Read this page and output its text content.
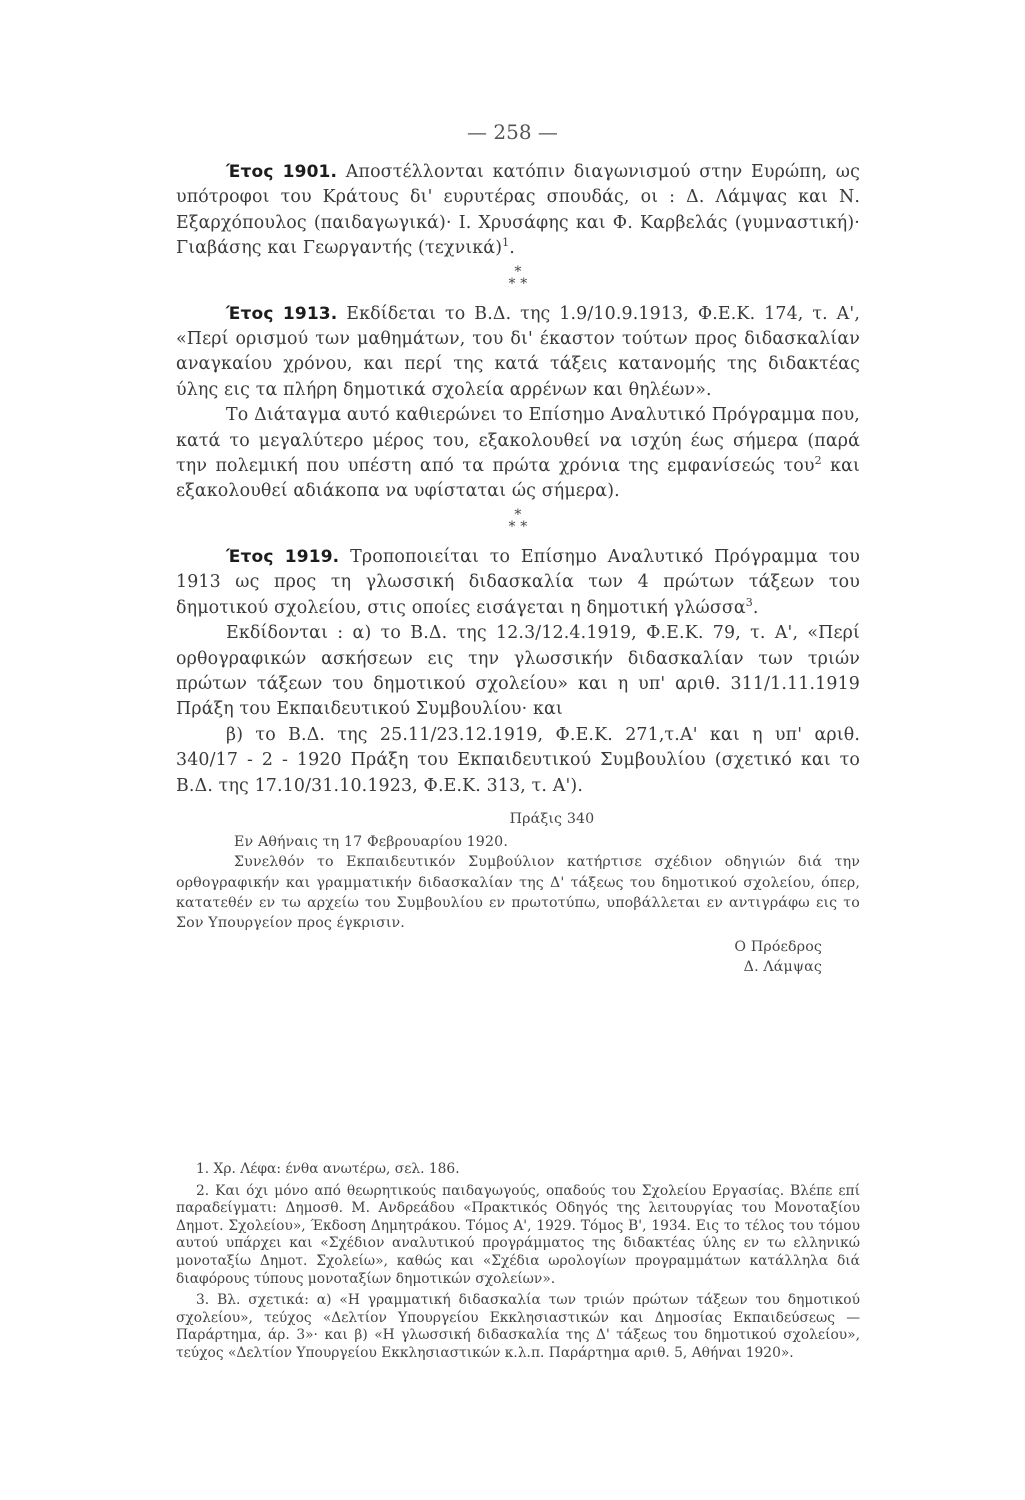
— 258 —

Έτος 1901. Αποστέλλονται κατόπιν διαγωνισμού στην Ευρώπη, ως υπότροφοι του Κράτους δι' ευρυτέρας σπουδάς, οι : Δ. Λάμψας και Ν. Εξαρχόπουλος (παιδαγωγικά)· Ι. Χρυσάφης και Φ. Καρβελάς (γυμναστική)· Γιαβάσης και Γεωργαντής $(\tau\varepsilon\chi\nu\iota\kappa ά)^1$.

*
* *

Έτος 1913. Εκδίδεται το Β.Δ. της 1.9/10.9.1913, Φ.Ε.Κ. 174, τ. Α', «Περί ορισμού των μαθημάτων, του δι' έκαστον τούτων προς διδασκαλίαν αναγκαίου χρόνου, και περί της κατά τάξεις κατανομής της διδακτέας ύλης εις τα πλήρη δημοτικά σχολεία αρρένων και θηλέων».

Το Διάταγμα αυτό καθιερώνει το Επίσημο Αναλυτικό Πρόγραμμα που, κατά το μεγαλύτερο μέρος του, εξακολουθεί να ισχύη έως σήμερα (παρά την πολεμική που υπέστη από τα πρώτα χρόνια της εμφανίσεώς του$^2$ και εξακολουθεί αδιάκοπα να υφίσταται ώς σήμερα).

*
* *

Έτος 1919. Τροποποιείται το Επίσημο Αναλυτικό Πρόγραμμα του 1913 ως προς τη γλωσσική διδασκαλία των 4 πρώτων τάξεων του δημοτικού σχολείου, στις οποίες εισάγεται η δημοτική γλώσσα$^3$.

Εκδίδονται : α) το Β.Δ. της 12.3/12.4.1919, Φ.Ε.Κ. 79, τ. Α', «Περί ορθογραφικών ασκήσεων εις την γλωσσικήν διδασκαλίαν των τριών πρώτων τάξεων του δημοτικού σχολείου» και η υπ' αριθ. 311/1.11.1919 Πράξη του Εκπαιδευτικού Συμβουλίου· και

β) το Β.Δ. της 25.11/23.12.1919, Φ.Ε.Κ. 271,τ.Α' και η υπ' αριθ. 340/17 - 2 - 1920 Πράξη του Εκπαιδευτικού Συμβουλίου (σχετικό και το Β.Δ. της 17.10/31.10.1923, Φ.Ε.Κ. 313, τ. Α').

Πράξις 340

Εν Αθήναις τη 17 Φεβρουαρίου 1920.

Συνελθόν το Εκπαιδευτικόν Συμβούλιον κατήρτισε σχέδιον οδηγιών διά την ορθογραφικήν και γραμματικήν διδασκαλίαν της Δ' τάξεως του δημοτικού σχολείου, όπερ, κατατεθέν εν τω αρχείω του Συμβουλίου εν πρωτοτύπω, υποβάλλεται εν αντιγράφω εις το Σον Υπουργείον προς έγκρισιν.

Ο Πρόεδρος

Δ. Λάμψας

1. Χρ. Λέφα: ένθα ανωτέρω, σελ. 186.

2. Και όχι μόνο από θεωρητικούς παιδαγωγούς, οπαδούς του Σχολείου Εργασίας. Βλέπε επί παραδείγματι: Δημοσθ. Μ. Ανδρεάδου «Πρακτικός Οδηγός της λειτουργίας του Μονοταξίου Δημοτ. Σχολείου», Έκδοση Δημητράκου. Τόμος Α', 1929. Τόμος Β', 1934. Εις το τέλος του τόμου αυτού υπάρχει και «Σχέδιον αναλυτικού προγράμματος της διδακτέας ύλης εν τω ελληνικώ μονοταξίω Δημοτ. Σχολείω», καθώς και «Σχέδια ωρολογίων προγραμμάτων κατάλληλα διά διαφόρους τύπους μονοταξίων δημοτικών σχολείων».

3. Βλ. σχετικά: α) «Η γραμματική διδασκαλία των τριών πρώτων τάξεων του δημοτικού σχολείου», τεύχος «Δελτίον Υπουργείου Εκκλησιαστικών και Δημοσίας Εκπαιδεύσεως — Παράρτημα, άρ. 3»· και β) «Η γλωσσική διδασκαλία της Δ' τάξεως του δημοτικού σχολείου», τεύχος «Δελτίον Υπουργείου Εκκλησιαστικών κ.λ.π. Παράρτημα αριθ. 5, Αθήναι 1920».
